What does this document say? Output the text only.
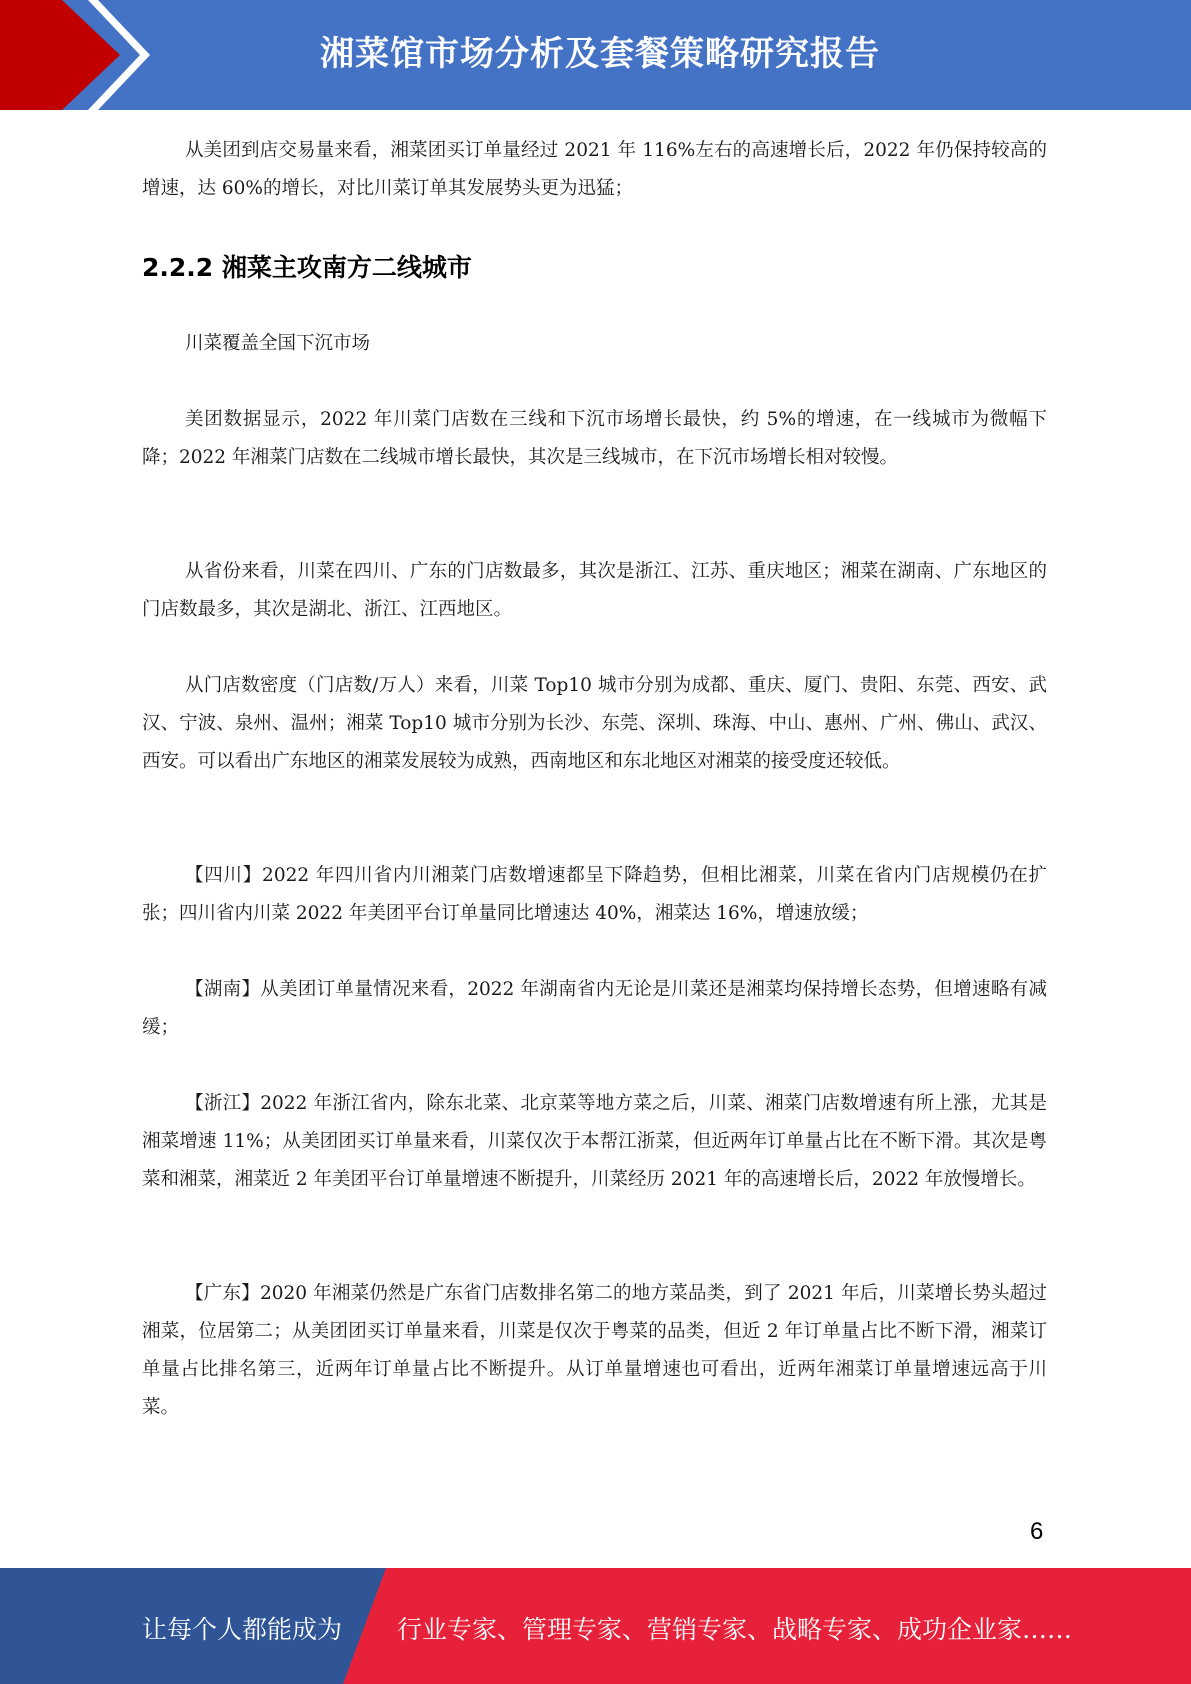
湘菜馆市场分析及套餐策略研究报告

从美团到店交易量来看，湘菜团买订单量经过 2021 年 116%左右的高速增长后，2022 年仍保持较高的增速，达 60%的增长，对比川菜订单其发展势头更为迅猛；

2.2.2 湘菜主攻南方二线城市

川菜覆盖全国下沉市场

美团数据显示，2022 年川菜门店数在三线和下沉市场增长最快，约 5%的增速，在一线城市为微幅下降；2022 年湘菜门店数在二线城市增长最快，其次是三线城市，在下沉市场增长相对较慢。

从省份来看，川菜在四川、广东的门店数最多，其次是浙江、江苏、重庆地区；湘菜在湖南、广东地区的门店数最多，其次是湖北、浙江、江西地区。

从门店数密度（门店数/万人）来看，川菜 Top10 城市分别为成都、重庆、厦门、贵阳、东莞、西安、武汉、宁波、泉州、温州；湘菜 Top10 城市分别为长沙、东莞、深圳、珠海、中山、惠州、广州、佛山、武汉、西安。可以看出广东地区的湘菜发展较为成熟，西南地区和东北地区对湘菜的接受度还较低。

【四川】2022 年四川省内川湘菜门店数增速都呈下降趋势，但相比湘菜，川菜在省内门店规模仍在扩张；四川省内川菜 2022 年美团平台订单量同比增速达 40%，湘菜达 16%，增速放缓；

【湖南】从美团订单量情况来看，2022 年湖南省内无论是川菜还是湘菜均保持增长态势，但增速略有减缓；

【浙江】2022 年浙江省内，除东北菜、北京菜等地方菜之后，川菜、湘菜门店数增速有所上涨，尤其是湘菜增速 11%；从美团团买订单量来看，川菜仅次于本帮江浙菜，但近两年订单量占比在不断下滑。其次是粤菜和湘菜，湘菜近 2 年美团平台订单量增速不断提升，川菜经历 2021 年的高速增长后，2022 年放慢增长。

【广东】2020 年湘菜仍然是广东省门店数排名第二的地方菜品类，到了 2021 年后，川菜增长势头超过湘菜，位居第二；从美团团买订单量来看，川菜是仅次于粤菜的品类，但近 2 年订单量占比不断下滑，湘菜订单量占比排名第三，近两年订单量占比不断提升。从订单量增速也可看出，近两年湘菜订单量增速远高于川菜。

6
让每个人都能成为 行业专家、管理专家、营销专家、战略专家、成功企业家……
